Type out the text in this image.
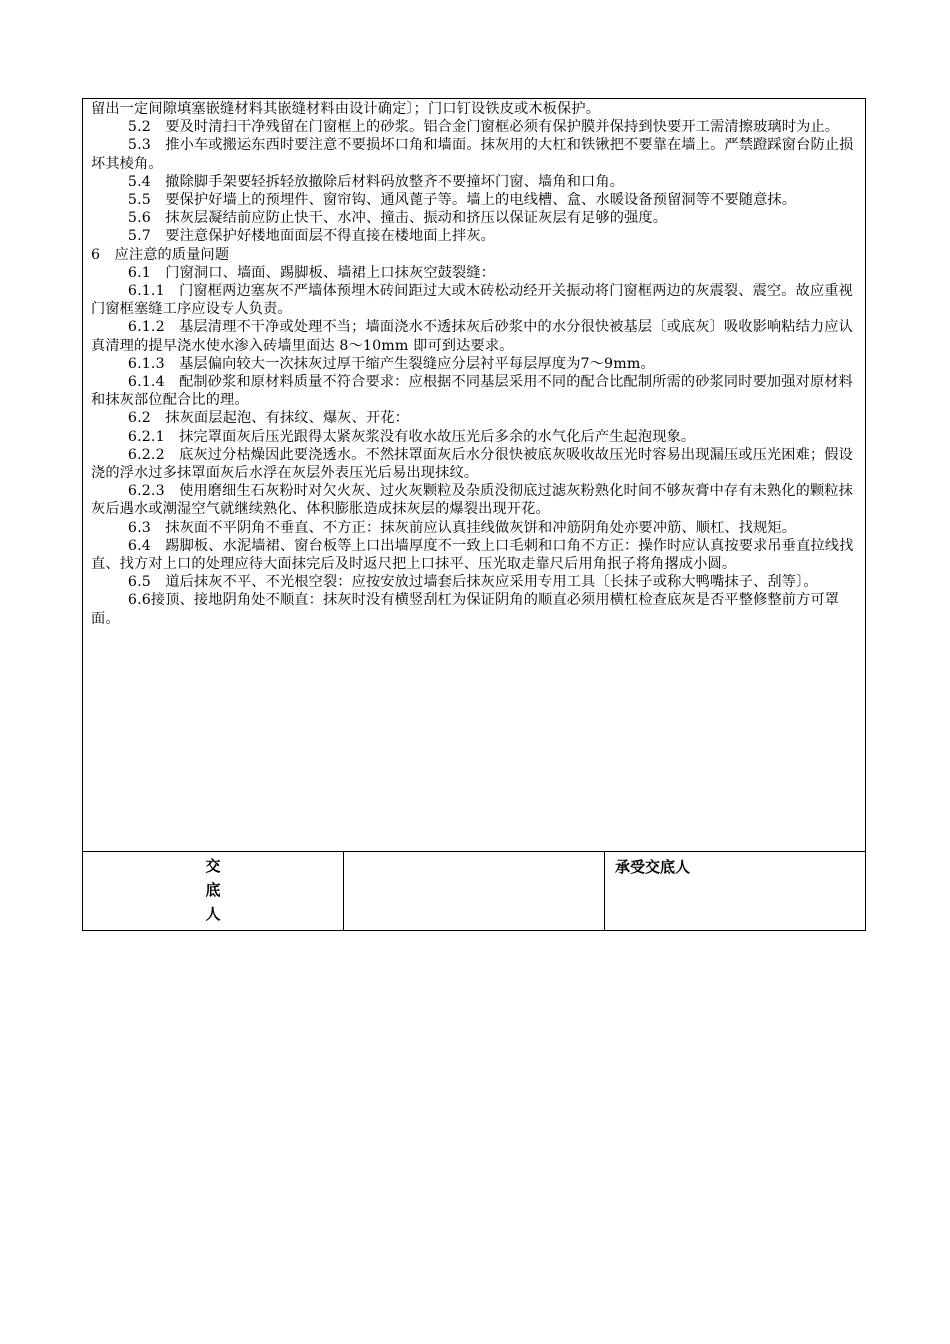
留出一定间隙填塞嵌缝材料其嵌缝材料由设计确定〕；门口钉设铁皮或木板保护。

5.2　要及时清扫干净残留在门窗框上的砂浆。铝合金门窗框必须有保护膜并保持到快要开工需清擦玻璃时为止。

5.3　推小车或搬运东西时要注意不要损坏口角和墙面。抹灰用的大杠和铁锹把不要靠在墙上。严禁蹬踩窗台防止损坏其棱角。

5.4　撤除脚手架要轻拆轻放撤除后材料码放整齐不要撞坏门窗、墙角和口角。

5.5　要保护好墙上的预埋件、窗帘钩、通风蓖子等。墙上的电线槽、盒、水暖设备预留洞等不要随意抹。

5.6　抹灰层凝结前应防止快干、水冲、撞击、振动和挤压以保证灰层有足够的强度。

5.7　要注意保护好楼地面面层不得直接在楼地面上拌灰。

6　应注意的质量问题

6.1　门窗洞口、墙面、踢脚板、墙裙上口抹灰空鼓裂缝：

6.1.1　门窗框两边塞灰不严墙体预埋木砖间距过大或木砖松动经开关振动将门窗框两边的灰震裂、震空。故应重视门窗框塞缝工序应设专人负责。

6.1.2　基层清理不干净或处理不当；墙面浇水不透抹灰后砂浆中的水分很快被基层〔或底灰〕吸收影响粘结力应认真清理的提早浇水使水渗入砖墙里面达 8～10mm 即可到达要求。

6.1.3　基层偏向较大一次抹灰过厚干缩产生裂缝应分层衬平每层厚度为7～9mm。

6.1.4　配制砂浆和原材料质量不符合要求：应根据不同基层采用不同的配合比配制所需的砂浆同时要加强对原材料和抹灰部位配合比的理。

6.2　抹灰面层起泡、有抹纹、爆灰、开花：

6.2.1　抹完罩面灰后压光跟得太紧灰浆没有收水故压光后多余的水气化后产生起泡现象。

6.2.2　底灰过分枯燥因此要浇透水。不然抹罩面灰后水分很快被底灰吸收故压光时容易出现漏压或压光困难；假设浇的浮水过多抹罩面灰后水浮在灰层外表压光后易出现抹纹。

6.2.3　使用磨细生石灰粉时对欠火灰、过火灰颗粒及杂质没彻底过滤灰粉熟化时间不够灰膏中存有未熟化的颗粒抹灰后遇水或潮湿空气就继续熟化、体积膨胀造成抹灰层的爆裂出现开花。

6.3　抹灰面不平阴角不垂直、不方正：抹灰前应认真挂线做灰饼和冲筋阴角处亦要冲筋、顺杠、找规矩。

6.4　踢脚板、水泥墙裙、窗台板等上口出墙厚度不一致上口毛刺和口角不方正：操作时应认真按要求吊垂直拉线找直、找方对上口的处理应待大面抹完后及时返尺把上口抹平、压光取走靠尺后用角抿子将角撂成小圆。

6.5　道后抹灰不平、不光根空裂：应按安放过墙套后抹灰应采用专用工具〔长抹子或称大鸭嘴抹子、刮等〕。

6.6接顶、接地阴角处不顺直：抹灰时没有横竖刮杠为保证阴角的顺直必须用横杠检查底灰是否平整修整前方可罩面。

交
底
人
		承受交底人
